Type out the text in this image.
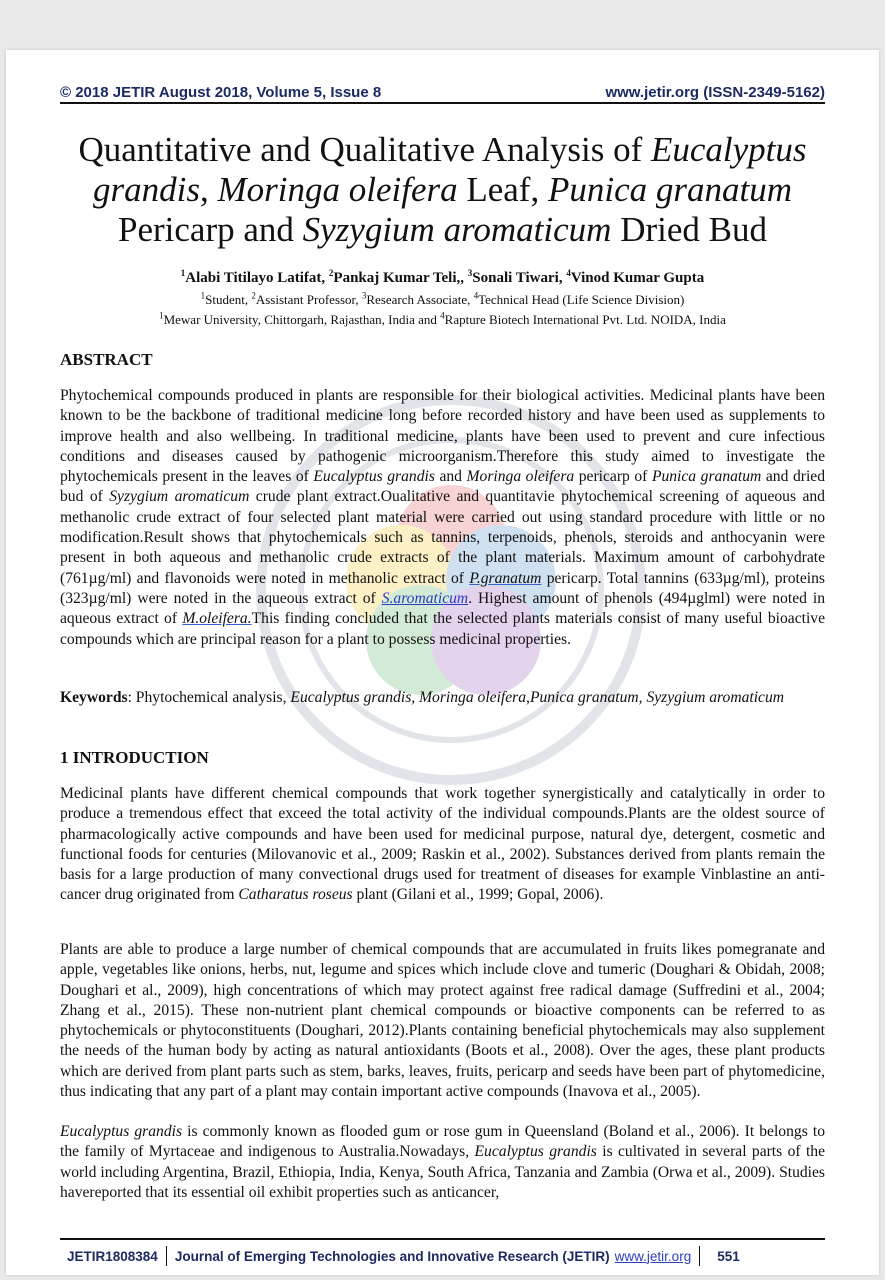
© 2018 JETIR August 2018, Volume 5, Issue 8	www.jetir.org (ISSN-2349-5162)
Quantitative and Qualitative Analysis of Eucalyptus grandis, Moringa oleifera Leaf, Punica granatum Pericarp and Syzygium aromaticum Dried Bud
$^1$Alabi Titilayo Latifat, $^2$Pankaj Kumar Teli,, $^3$Sonali Tiwari, $^4$Vinod Kumar Gupta
$^1$Student, $^2$Assistant Professor, $^3$Research Associate, $^4$Technical Head (Life Science Division)
$^1$Mewar University, Chittorgarh, Rajasthan, India and $^4$Rapture Biotech International Pvt. Ltd. NOIDA, India
ABSTRACT
Phytochemical compounds produced in plants are responsible for their biological activities. Medicinal plants have been known to be the backbone of traditional medicine long before recorded history and have been used as supplements to improve health and also wellbeing. In traditional medicine, plants have been used to prevent and cure infectious conditions and diseases caused by pathogenic microorganism.Therefore this study aimed to investigate the phytochemicals present in the leaves of Eucalyptus grandis and Moringa oleifera pericarp of Punica granatum and dried bud of Syzygium aromaticum crude plant extract.Oualitative and quantitavie phytochemical screening of aqueous and methanolic crude extract of four selected plant material were carried out using standard procedure with little or no modification.Result shows that phytochemicals such as tannins, terpenoids, phenols, steroids and anthocyanin were present in both aqueous and methanolic crude extracts of the plant materials. Maximum amount of carbohydrate (761µg/ml) and flavonoids were noted in methanolic extract of P.granatum pericarp. Total tannins (633µg/ml), proteins (323µg/ml) were noted in the aqueous extract of S.aromaticum. Highest amount of phenols (494µglml) were noted in aqueous extract of M.oleifera.This finding concluded that the selected plants materials consist of many useful bioactive compounds which are principal reason for a plant to possess medicinal properties.
Keywords: Phytochemical analysis, Eucalyptus grandis, Moringa oleifera,Punica granatum, Syzygium aromaticum
1 INTRODUCTION
Medicinal plants have different chemical compounds that work together synergistically and catalytically in order to produce a tremendous effect that exceed the total activity of the individual compounds.Plants are the oldest source of pharmacologically active compounds and have been used for medicinal purpose, natural dye, detergent, cosmetic and functional foods for centuries (Milovanovic et al., 2009; Raskin et al., 2002). Substances derived from plants remain the basis for a large production of many convectional drugs used for treatment of diseases for example Vinblastine an anti-cancer drug originated from Catharatus roseus plant (Gilani et al., 1999; Gopal, 2006).
Plants are able to produce a large number of chemical compounds that are accumulated in fruits likes pomegranate and apple, vegetables like onions, herbs, nut, legume and spices which include clove and tumeric (Doughari & Obidah, 2008; Doughari et al., 2009), high concentrations of which may protect against free radical damage (Suffredini et al., 2004; Zhang et al., 2015). These non-nutrient plant chemical compounds or bioactive components can be referred to as phytochemicals or phytoconstituents (Doughari, 2012).Plants containing beneficial phytochemicals may also supplement the needs of the human body by acting as natural antioxidants (Boots et al., 2008). Over the ages, these plant products which are derived from plant parts such as stem, barks, leaves, fruits, pericarp and seeds have been part of phytomedicine, thus indicating that any part of a plant may contain important active compounds (Inavova et al., 2005).
Eucalyptus grandis is commonly known as flooded gum or rose gum in Queensland (Boland et al., 2006). It belongs to the family of Myrtaceae and indigenous to Australia.Nowadays, Eucalyptus grandis is cultivated in several parts of the world including Argentina, Brazil, Ethiopia, India, Kenya, South Africa, Tanzania and Zambia (Orwa et al., 2009). Studies havereported that its essential oil exhibit properties such as anticancer,
JETIR1808384 Journal of Emerging Technologies and Innovative Research (JETIR) www.jetir.org 551
